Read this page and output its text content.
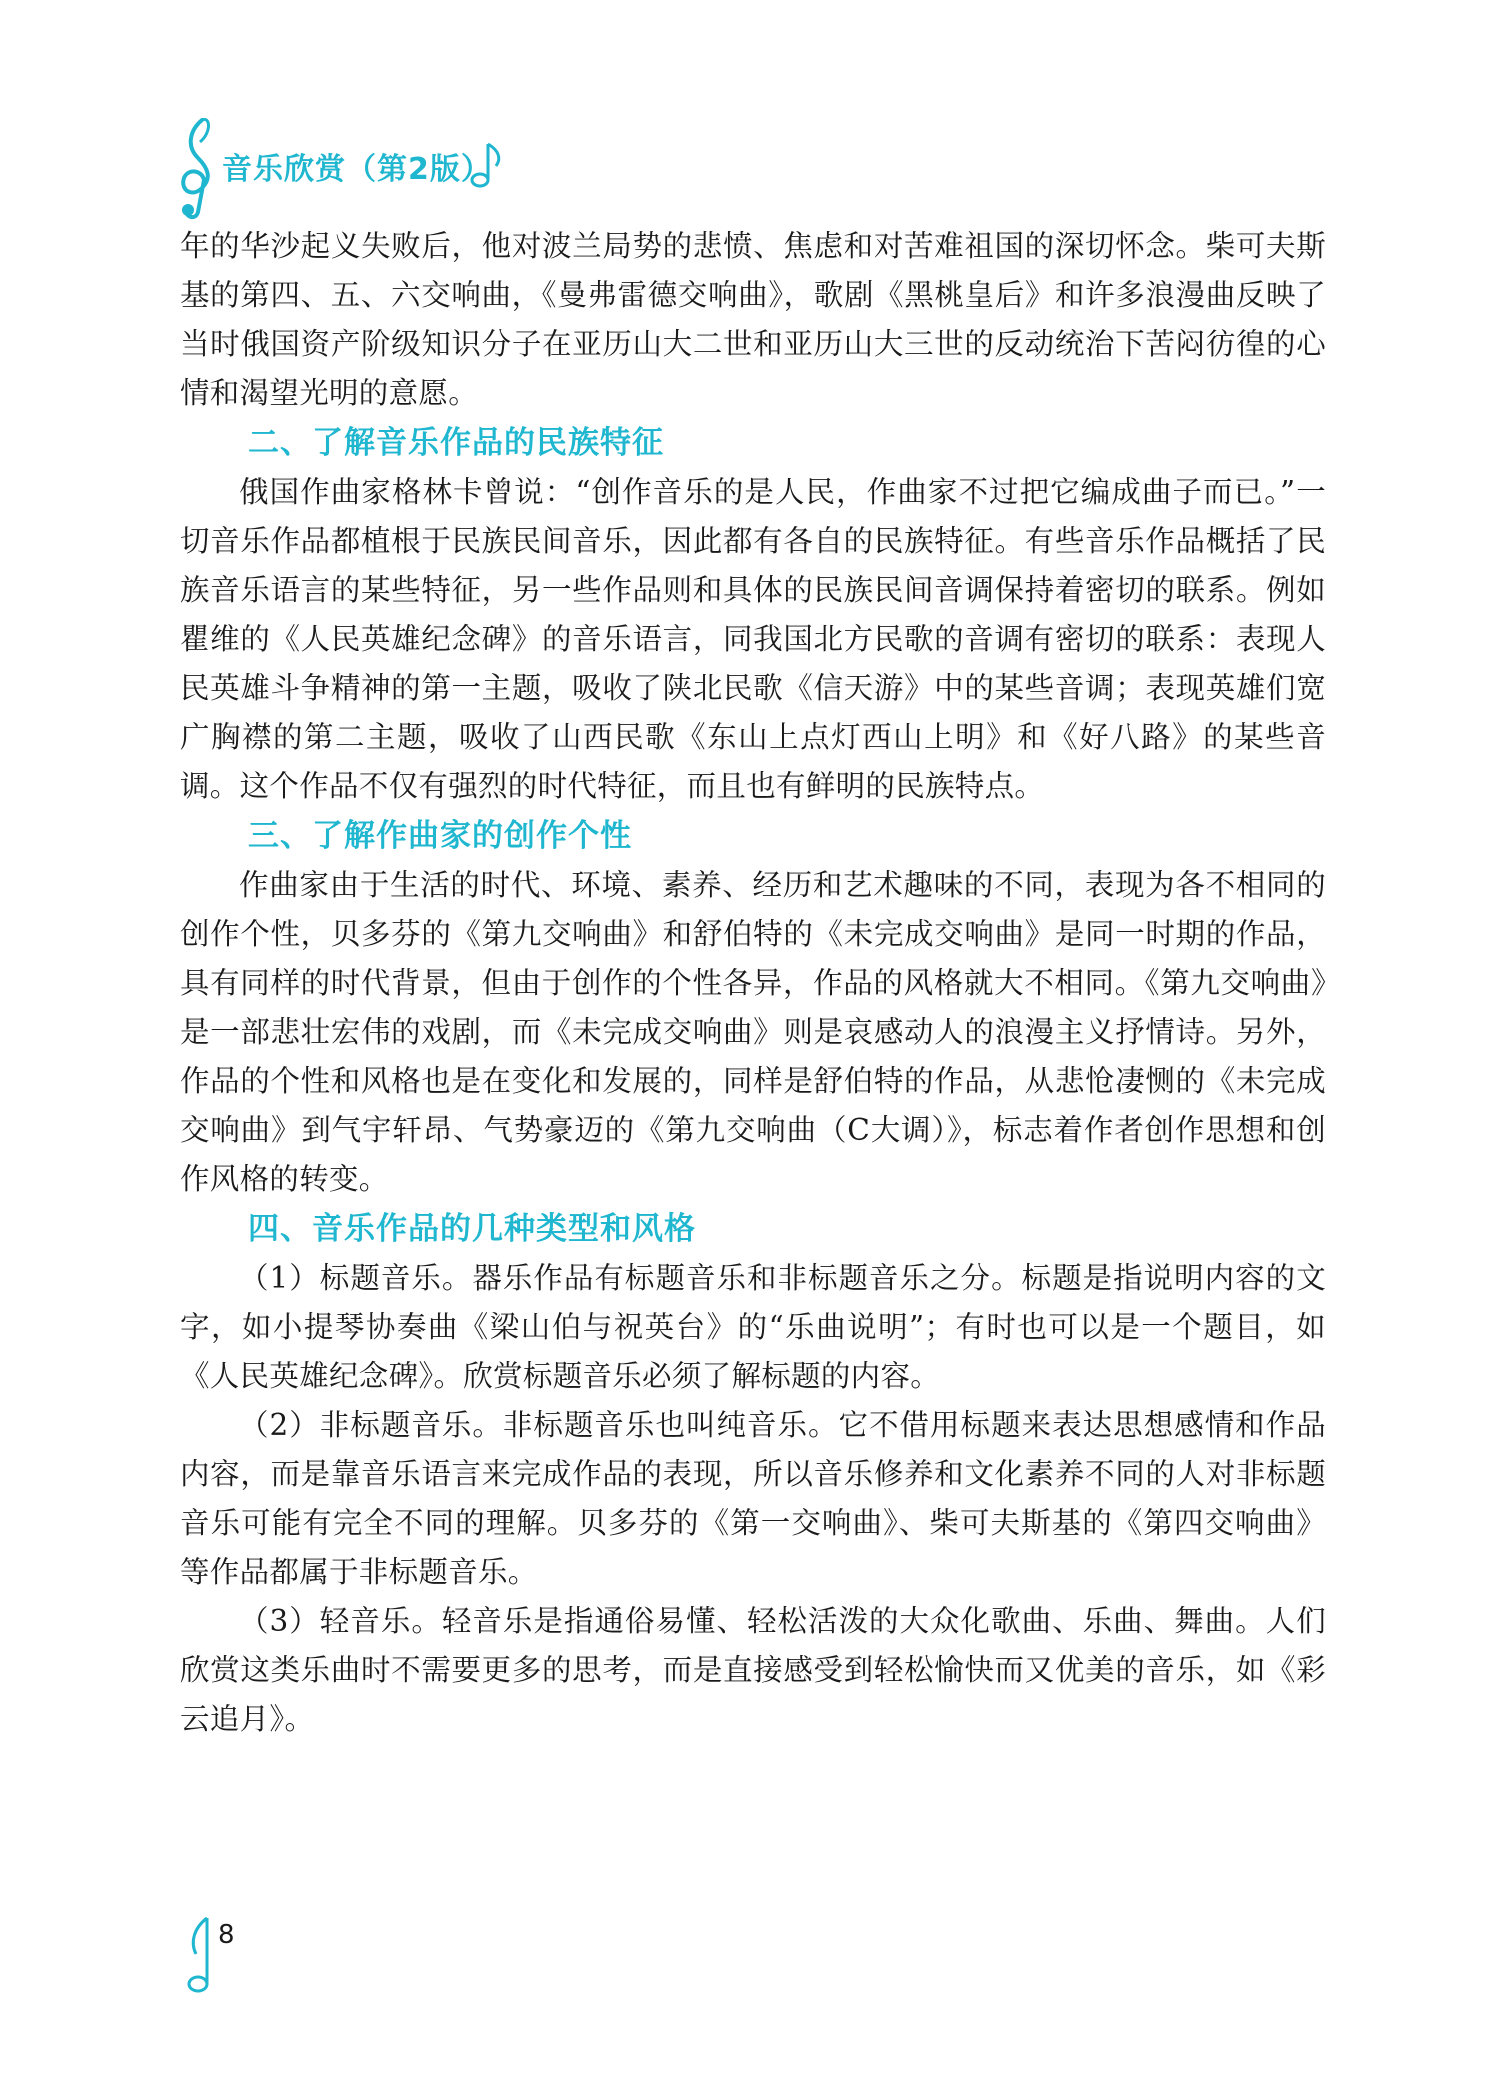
音乐欣赏（第2版）

年的华沙起义失败后，他对波兰局势的悲愤、焦虑和对苦难祖国的深切怀念。柴可夫斯基的第四、五、六交响曲，《曼弗雷德交响曲》，歌剧《黑桃皇后》和许多浪漫曲反映了当时俄国资产阶级知识分子在亚历山大二世和亚历山大三世的反动统治下苦闷彷徨的心情和渴望光明的意愿。

二、了解音乐作品的民族特征

俄国作曲家格林卡曾说：“创作音乐的是人民，作曲家不过把它编成曲子而已。”一切音乐作品都植根于民族民间音乐，因此都有各自的民族特征。有些音乐作品概括了民族音乐语言的某些特征，另一些作品则和具体的民族民间音调保持着密切的联系。例如瞿维的《人民英雄纪念碑》的音乐语言，同我国北方民歌的音调有密切的联系：表现人民英雄斗争精神的第一主题，吸收了陕北民歌《信天游》中的某些音调；表现英雄们宽广胸襟的第二主题，吸收了山西民歌《东山上点灯西山上明》和《好八路》的某些音调。这个作品不仅有强烈的时代特征，而且也有鲜明的民族特点。

三、了解作曲家的创作个性

作曲家由于生活的时代、环境、素养、经历和艺术趣味的不同，表现为各不相同的创作个性，贝多芬的《第九交响曲》和舒伯特的《未完成交响曲》是同一时期的作品，具有同样的时代背景，但由于创作的个性各异，作品的风格就大不相同。《第九交响曲》是一部悲壮宏伟的戏剧，而《未完成交响曲》则是哀感动人的浪漫主义抒情诗。另外，作品的个性和风格也是在变化和发展的，同样是舒伯特的作品，从悲怆凄恻的《未完成交响曲》到气宇轩昂、气势豪迈的《第九交响曲（C大调）》，标志着作者创作思想和创作风格的转变。

四、音乐作品的几种类型和风格

（1）标题音乐。器乐作品有标题音乐和非标题音乐之分。标题是指说明内容的文字，如小提琴协奏曲《梁山伯与祝英台》的“乐曲说明”；有时也可以是一个题目，如《人民英雄纪念碑》。欣赏标题音乐必须了解标题的内容。

（2）非标题音乐。非标题音乐也叫纯音乐。它不借用标题来表达思想感情和作品内容，而是靠音乐语言来完成作品的表现，所以音乐修养和文化素养不同的人对非标题音乐可能有完全不同的理解。贝多芬的《第一交响曲》、柴可夫斯基的《第四交响曲》等作品都属于非标题音乐。

（3）轻音乐。轻音乐是指通俗易懂、轻松活泼的大众化歌曲、乐曲、舞曲。人们欣赏这类乐曲时不需要更多的思考，而是直接感受到轻松愉快而又优美的音乐，如《彩云追月》。

8
